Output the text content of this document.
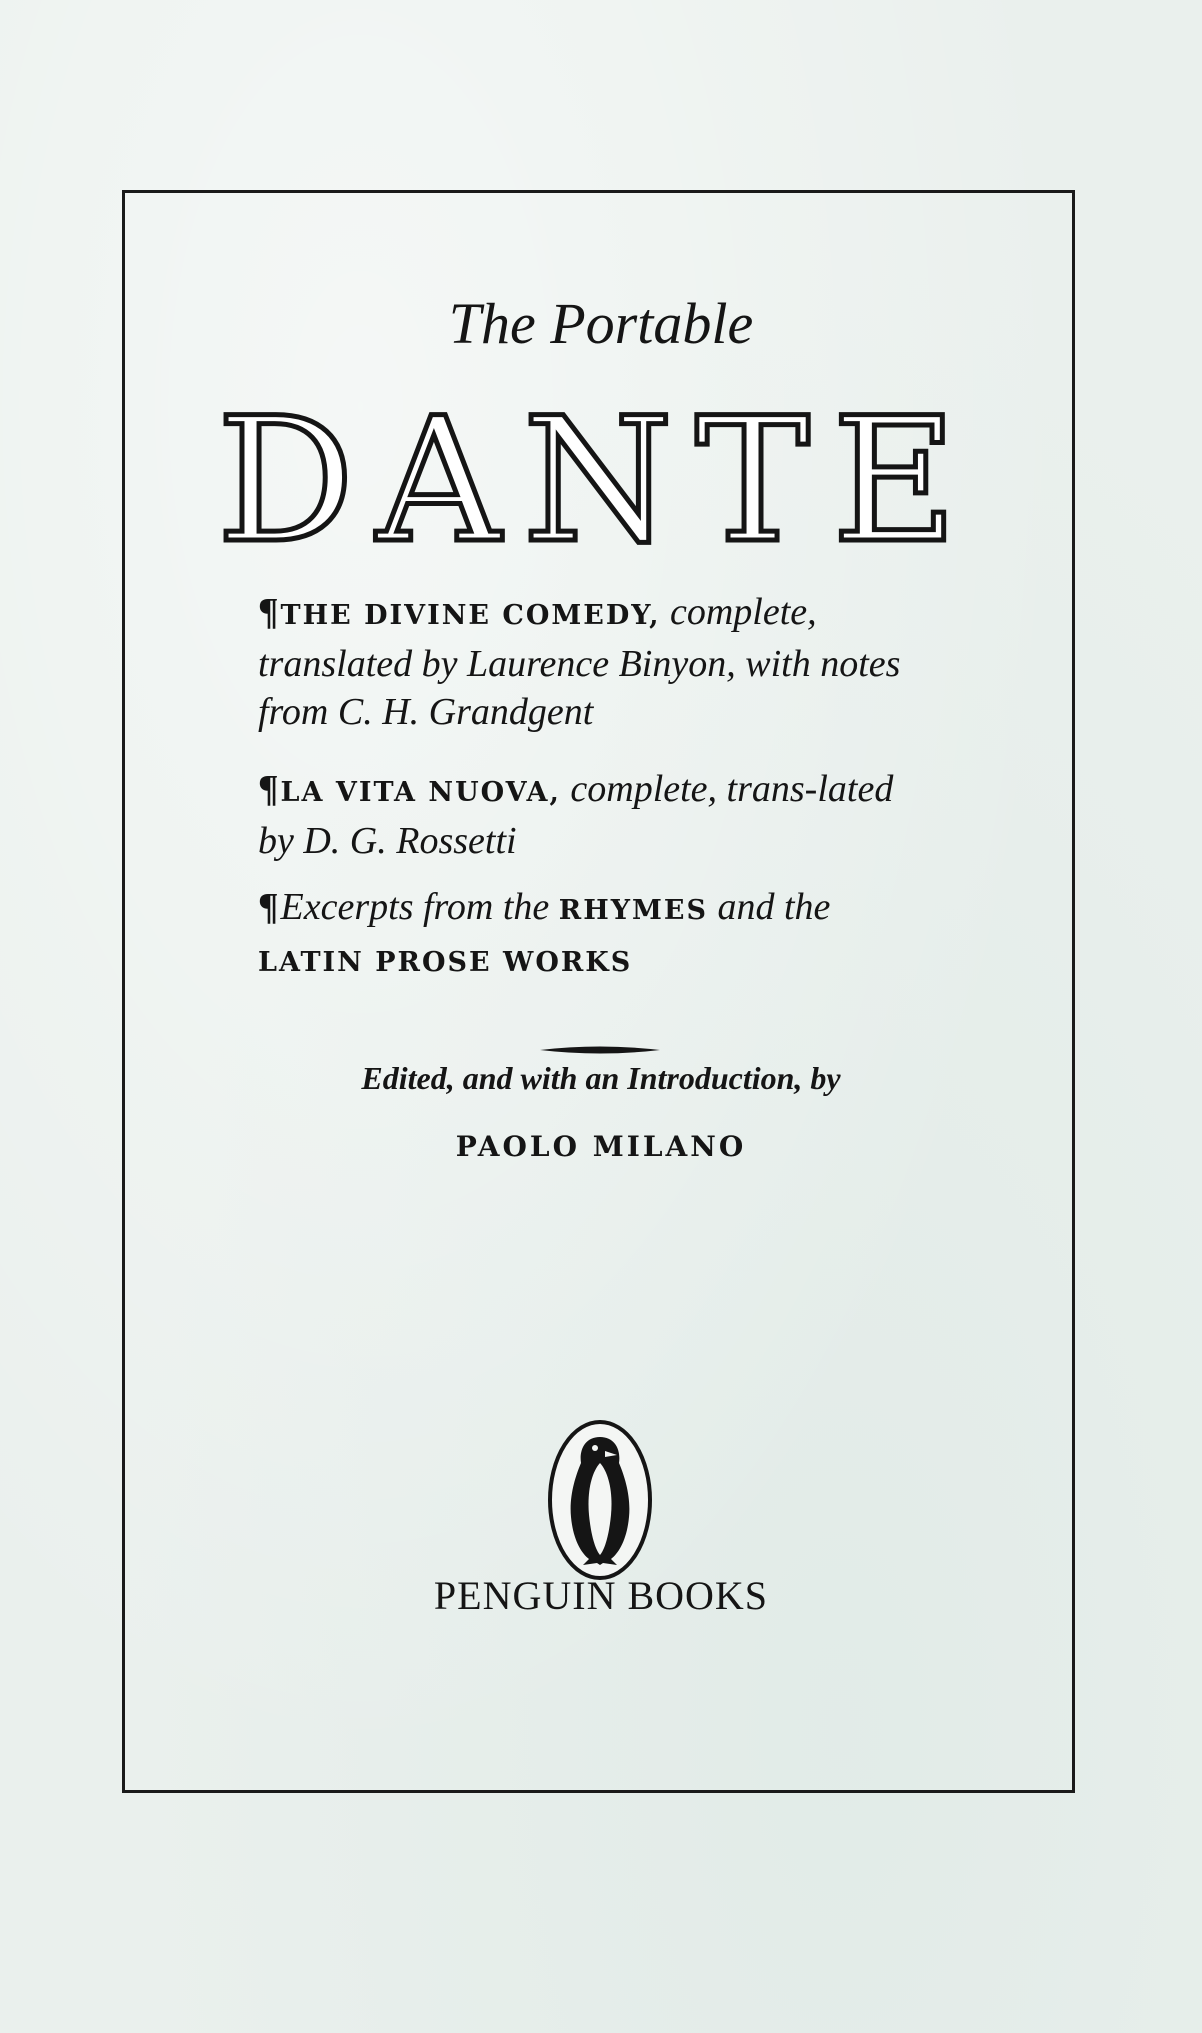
The Portable
DANTE
¶THE DIVINE COMEDY, complete, translated by Laurence Binyon, with notes from C. H. Grandgent
¶LA VITA NUOVA, complete, trans-lated by D. G. Rossetti
¶Excerpts from the RHYMES and the
LATIN PROSE WORKS
Edited, and with an Introduction, by
PAOLO MILANO
PENGUIN BOOKS
